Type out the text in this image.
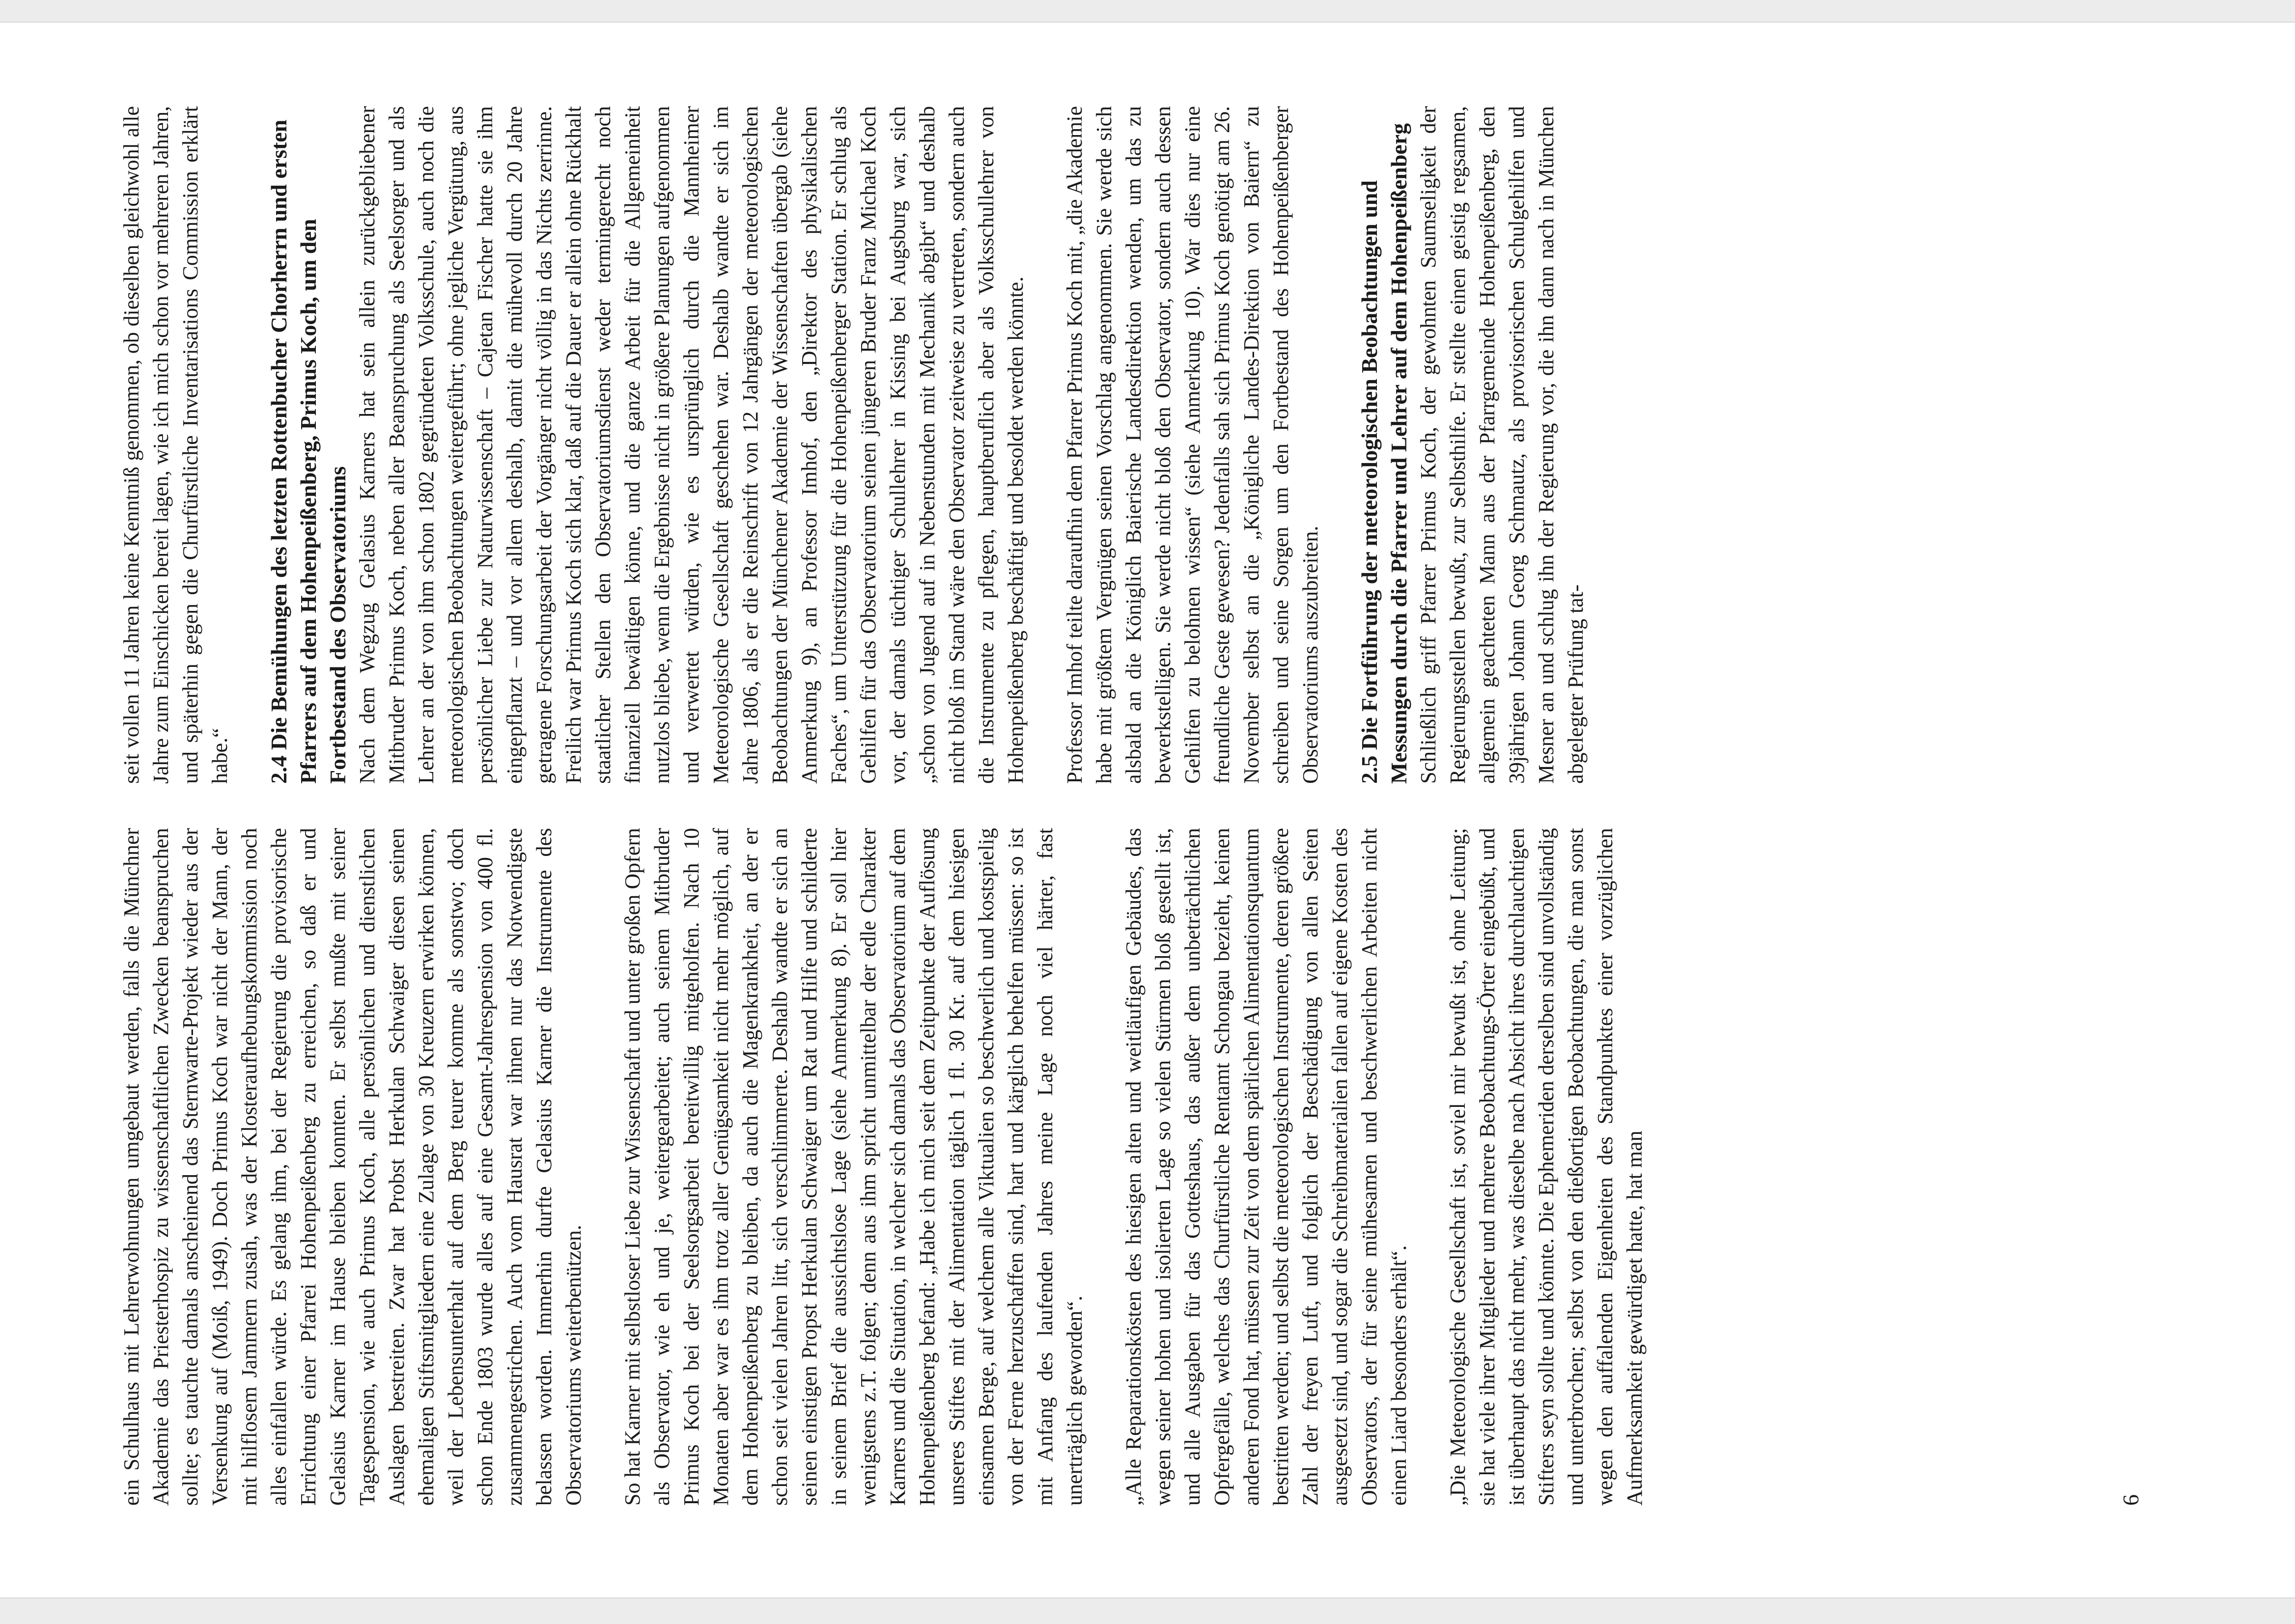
ein Schulhaus mit Lehrerwohnungen umgebaut werden, falls die Münchner Akademie das Priesterhospiz zu wissenschaftlichen Zwecken beanspruchen sollte; es tauchte damals anscheinend das Sternwarte-Projekt wieder aus der Versenkung auf (Moiß, 1949). Doch Primus Koch war nicht der Mann, der mit hilflosem Jammern zusah, was der Klosteraufhebungskommission noch alles einfallen würde. Es gelang ihm, bei der Regierung die provisorische Errichtung einer Pfarrei Hohenpeißenberg zu erreichen, so daß er und Gelasius Karner im Hause bleiben konnten. Er selbst mußte mit seiner Tagespension, wie auch Primus Koch, alle persönlichen und dienstlichen Auslagen bestreiten. Zwar hat Probst Herkulan Schwaiger diesen seinen ehemaligen Stiftsmitgliedern eine Zulage von 30 Kreuzern erwirken können, weil der Lebensunterhalt auf dem Berg teurer komme als sonstwo; doch schon Ende 1803 wurde alles auf eine Gesamt-Jahrespension von 400 fl. zusammengestrichen. Auch vom Hausrat war ihnen nur das Notwendigste belassen worden. Immerhin durfte Gelasius Karner die Instrumente des Observatoriums weiterbenützen. So hat Karner mit selbstloser Liebe zur Wissenschaft und unter großen Opfern als Observator, wie eh und je, weitergearbeitet; auch seinem Mitbruder Primus Koch bei der Seelsorgsarbeit bereitwillig mitgeholfen. Nach 10 Monaten aber war es ihm trotz aller Genügsamkeit nicht mehr möglich, auf dem Hohenpeißenberg zu bleiben, da auch die Magenkrankheit, an der er schon seit vielen Jahren litt, sich verschlimmerte. Deshalb wandte er sich an seinen einstigen Propst Herkulan Schwaiger um Rat und Hilfe und schilderte in seinem Brief die aussichtslose Lage (siehe Anmerkung 8). Er soll hier wenigstens z.T. folgen; denn aus ihm spricht unmittelbar der edle Charakter Karners und die Situation, in welcher sich damals das Observatorium auf dem Hohenpeißenberg befand: „Habe ich mich seit dem Zeitpunkte der Auflösung unseres Stiftes mit der Alimentation täglich 1 fl. 30 Kr. auf dem hiesigen einsamen Berge, auf welchem alle Viktualien so beschwerlich und kostspielig von der Ferne herzuschaffen sind, hart und kärglich behelfen müssen: so ist mit Anfang des laufenden Jahres meine Lage noch viel härter, fast unerträglich geworden“. „Alle Reparationskösten des hiesigen alten und weitläufigen Gebäudes, das wegen seiner hohen und isolierten Lage so vielen Stürmen bloß gestellt ist, und alle Ausgaben für das Gotteshaus, das außer dem unbeträchtlichen Opfergefälle, welches das Churfürstliche Rentamt Schongau bezieht, keinen anderen Fond hat, müssen zur Zeit von dem spärlichen Alimentationsquantum bestritten werden; und selbst die meteorologischen Instrumente, deren größere Zahl der freyen Luft, und folglich der Beschädigung von allen Seiten ausgesetzt sind, und sogar die Schreibmaterialien fallen auf eigene Kosten des Observators, der für seine mühesamen und beschwerlichen Arbeiten nicht einen Liard besonders erhält“. „Die Meteorologische Gesellschaft ist, soviel mir bewußt ist, ohne Leitung; sie hat viele ihrer Mitglieder und mehrere Beobachtungs-Örter eingebüßt, und ist überhaupt das nicht mehr, was dieselbe nach Absicht ihres durchlauchtigen Stifters seyn sollte und könnte. Die Ephemeriden derselben sind unvollständig und unterbrochen; selbst von den dießortigen Beobachtungen, die man sonst wegen den auffalenden Eigenheiten des Standpunktes einer vorzüglichen Aufmerksamkeit gewürdiget hatte, hat man

seit vollen 11 Jahren keine Kenntniß genommen, ob dieselben gleichwohl alle Jahre zum Einschicken bereit lagen, wie ich mich schon vor mehreren Jahren, und späterhin gegen die Churfürstliche Inventarisations Commission erklärt habe.“ 2.4 Die Bemühungen des letzten Rottenbucher Chorherrn und ersten Pfarrers auf dem Hohenpeißenberg, Primus Koch, um den Fortbestand des Observatoriums Nach dem Wegzug Gelasius Karners hat sein allein zurückgebliebener Mitbruder Primus Koch, neben aller Beanspruchung als Seelsorger und als Lehrer an der von ihm schon 1802 gegründeten Volksschule, auch noch die meteorologischen Beobachtungen weitergeführt; ohne jegliche Vergütung, aus persönlicher Liebe zur Naturwissenschaft – Cajetan Fischer hatte sie ihm eingepflanzt – und vor allem deshalb, damit die mühevoll durch 20 Jahre getragene Forschungsarbeit der Vorgänger nicht völlig in das Nichts zerrinne. Freilich war Primus Koch sich klar, daß auf die Dauer er allein ohne Rückhalt staatlicher Stellen den Observatoriumsdienst weder termingerecht noch finanziell bewältigen könne, und die ganze Arbeit für die Allgemeinheit nutzlos bliebe, wenn die Ergebnisse nicht in größere Planungen aufgenommen und verwertet würden, wie es ursprünglich durch die Mannheimer Meteorologische Gesellschaft geschehen war. Deshalb wandte er sich im Jahre 1806, als er die Reinschrift von 12 Jahrgängen der meteorologischen Beobachtungen der Münchener Akademie der Wissenschaften übergab (siehe Anmerkung 9), an Professor Imhof, den „Direktor des physikalischen Faches“, um Unterstützung für die Hohenpeißenberger Station. Er schlug als Gehilfen für das Observatorium seinen jüngeren Bruder Franz Michael Koch vor, der damals tüchtiger Schullehrer in Kissing bei Augsburg war, sich „schon von Jugend auf in Nebenstunden mit Mechanik abgibt“ und deshalb nicht bloß im Stand wäre den Observator zeitweise zu vertreten, sondern auch die Instrumente zu pflegen, hauptberuflich aber als Volksschullehrer von Hohenpeißenberg beschäftigt und besoldet werden könnte. Professor Imhof teilte daraufhin dem Pfarrer Primus Koch mit, „die Akademie habe mit größtem Vergnügen seinen Vorschlag angenommen. Sie werde sich alsbald an die Königlich Baierische Landesdirektion wenden, um das zu bewerkstelligen. Sie werde nicht bloß den Observator, sondern auch dessen Gehilfen zu belohnen wissen“ (siehe Anmerkung 10). War dies nur eine freundliche Geste gewesen? Jedenfalls sah sich Primus Koch genötigt am 26. November selbst an die „Königliche Landes-Direktion von Baiern“ zu schreiben und seine Sorgen um den Fortbestand des Hohenpeißenberger Observatoriums auszubreiten. 2.5 Die Fortführung der meteorologischen Beobachtungen und Messungen durch die Pfarrer und Lehrer auf dem Hohenpeißenberg Schließlich griff Pfarrer Primus Koch, der gewohnten Saumseligkeit der Regierungsstellen bewußt, zur Selbsthilfe. Er stellte einen geistig regsamen, allgemein geachteten Mann aus der Pfarrgemeinde Hohenpeißenberg, den 39jährigen Johann Georg Schmautz, als provisorischen Schulgehilfen und Mesner an und schlug ihn der Regierung vor, die ihn dann nach in München abgelegter Prüfung tat-

6
